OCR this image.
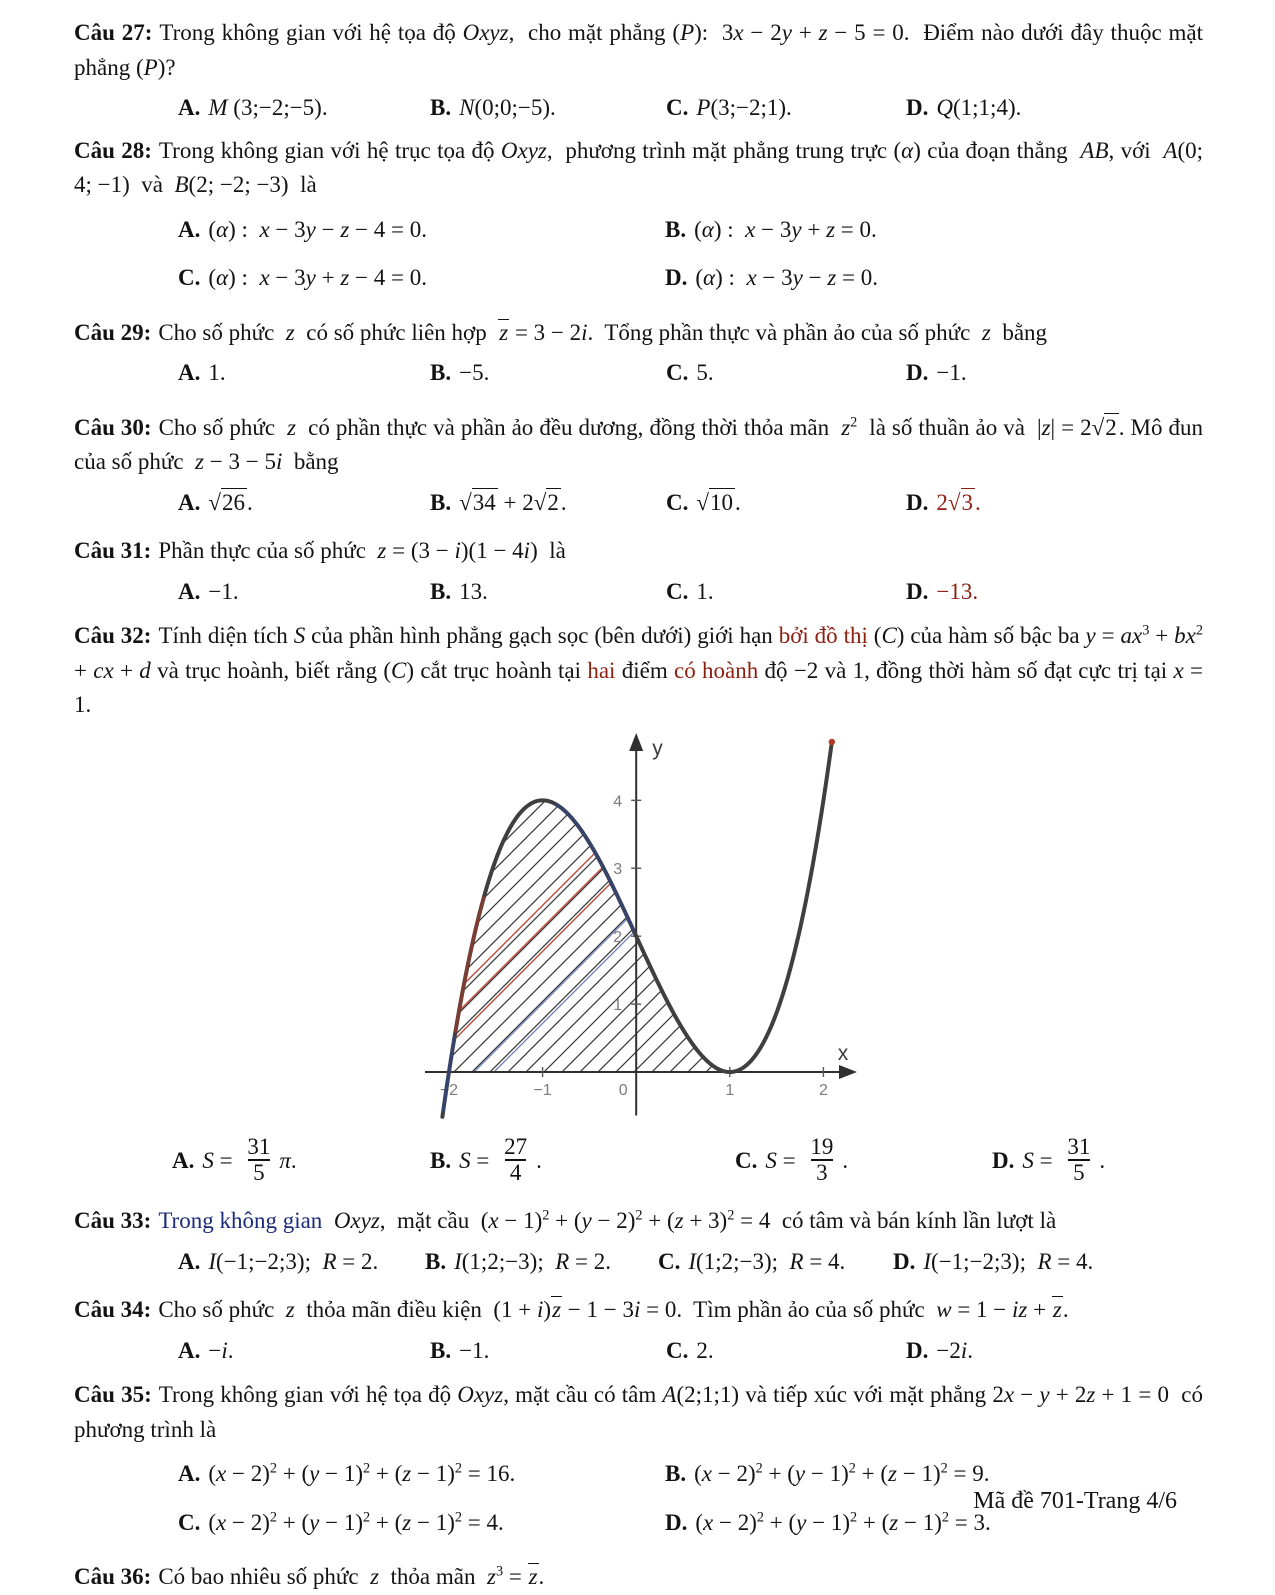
Câu 27: Trong không gian với hệ tọa độ Oxyz,  cho mặt phẳng (P):  3x − 2y + z − 5 = 0.  Điểm nào dưới đây thuộc mặt phẳng (P)?

A. M (3;−2;−5).	B. N(0;0;−5).	C. P(3;−2;1).	D. Q(1;1;4).

Câu 28: Trong không gian với hệ trục tọa độ Oxyz,  phương trình mặt phẳng trung trực (α) của đoạn thẳng  AB, với  A(0; 4; −1)  và  B(2; −2; −3)  là

A. (α) :  x − 3y − z − 4 = 0.	B. (α) :  x − 3y + z = 0.
C. (α) :  x − 3y + z − 4 = 0.	D. (α) :  x − 3y − z = 0.

Câu 29: Cho số phức  z  có số phức liên hợp  z = 3 − 2i.  Tổng phần thực và phần ảo của số phức  z  bằng

A. 1.	B. −5.	C. 5.	D. −1.

Câu 30: Cho số phức  z  có phần thực và phần ảo đều dương, đồng thời thỏa mãn  $z^2$  là số thuần ảo và  |z| = 2√2. Mô đun của số phức  z − 3 − 5i  bằng

A. √26.	B. √34 + 2√2.	C. √10.	D. 2√3.

Câu 31: Phần thực của số phức  z = (3 − i)(1 − 4i)  là

A. −1.	B. 13.	C. 1.	D. −13.

Câu 32: Tính diện tích S của phần hình phẳng gạch sọc (bên dưới) giới hạn bởi đồ thị (C) của hàm số bậc ba $y = ax^3 + bx^2$ + cx + d và trục hoành, biết rằng (C) cắt trục hoành tại hai điểm có hoành độ −2 và 1, đồng thời hàm số đạt cực trị tại x = 1.

x
y
−2	−1	0	1	2
1
2
3
4
A. $S = \frac{31}{5} \pi$.	B. $S = \frac{27}{4}$ .	C. $S = \frac{19}{3}$ .	D. $S = \frac{31}{5}$ .

Câu 33: Trong không gian Oxyz,  mặt cầu  $(x - 1)^2 + (y - 2)^2 + (z + 3)^2 = 4$  có tâm và bán kính lần lượt là

A. I(−1;−2;3);  R = 2.	B. I(1;2;−3);  R = 2.	C. I(1;2;−3);  R = 4.	D. I(−1;−2;3);  R = 4.

Câu 34: Cho số phức  z  thỏa mãn điều kiện  (1 + i)z − 1 − 3i = 0.  Tìm phần ảo của số phức  w = 1 − iz + z.

A. −i.	B. −1.	C. 2.	D. −2i.

Câu 35: Trong không gian với hệ tọa độ Oxyz, mặt cầu có tâm A(2;1;1) và tiếp xúc với mặt phẳng 2x − y + 2z + 1 = 0  có phương trình là

A. $(x - 2)^2 + (y - 1)^2 + (z - 1)^2 = 16$.	B. $(x - 2)^2 + (y - 1)^2 + (z - 1)^2 = 9$.
C. $(x - 2)^2 + (y - 1)^2 + (z - 1)^2 = 4$.	D. $(x - 2)^2 + (y - 1)^2 + (z - 1)^2 = 3$.

Câu 36: Có bao nhiêu số phức  z  thỏa mãn  $z^3 = z$.

Mã đề 701-Trang 4/6
